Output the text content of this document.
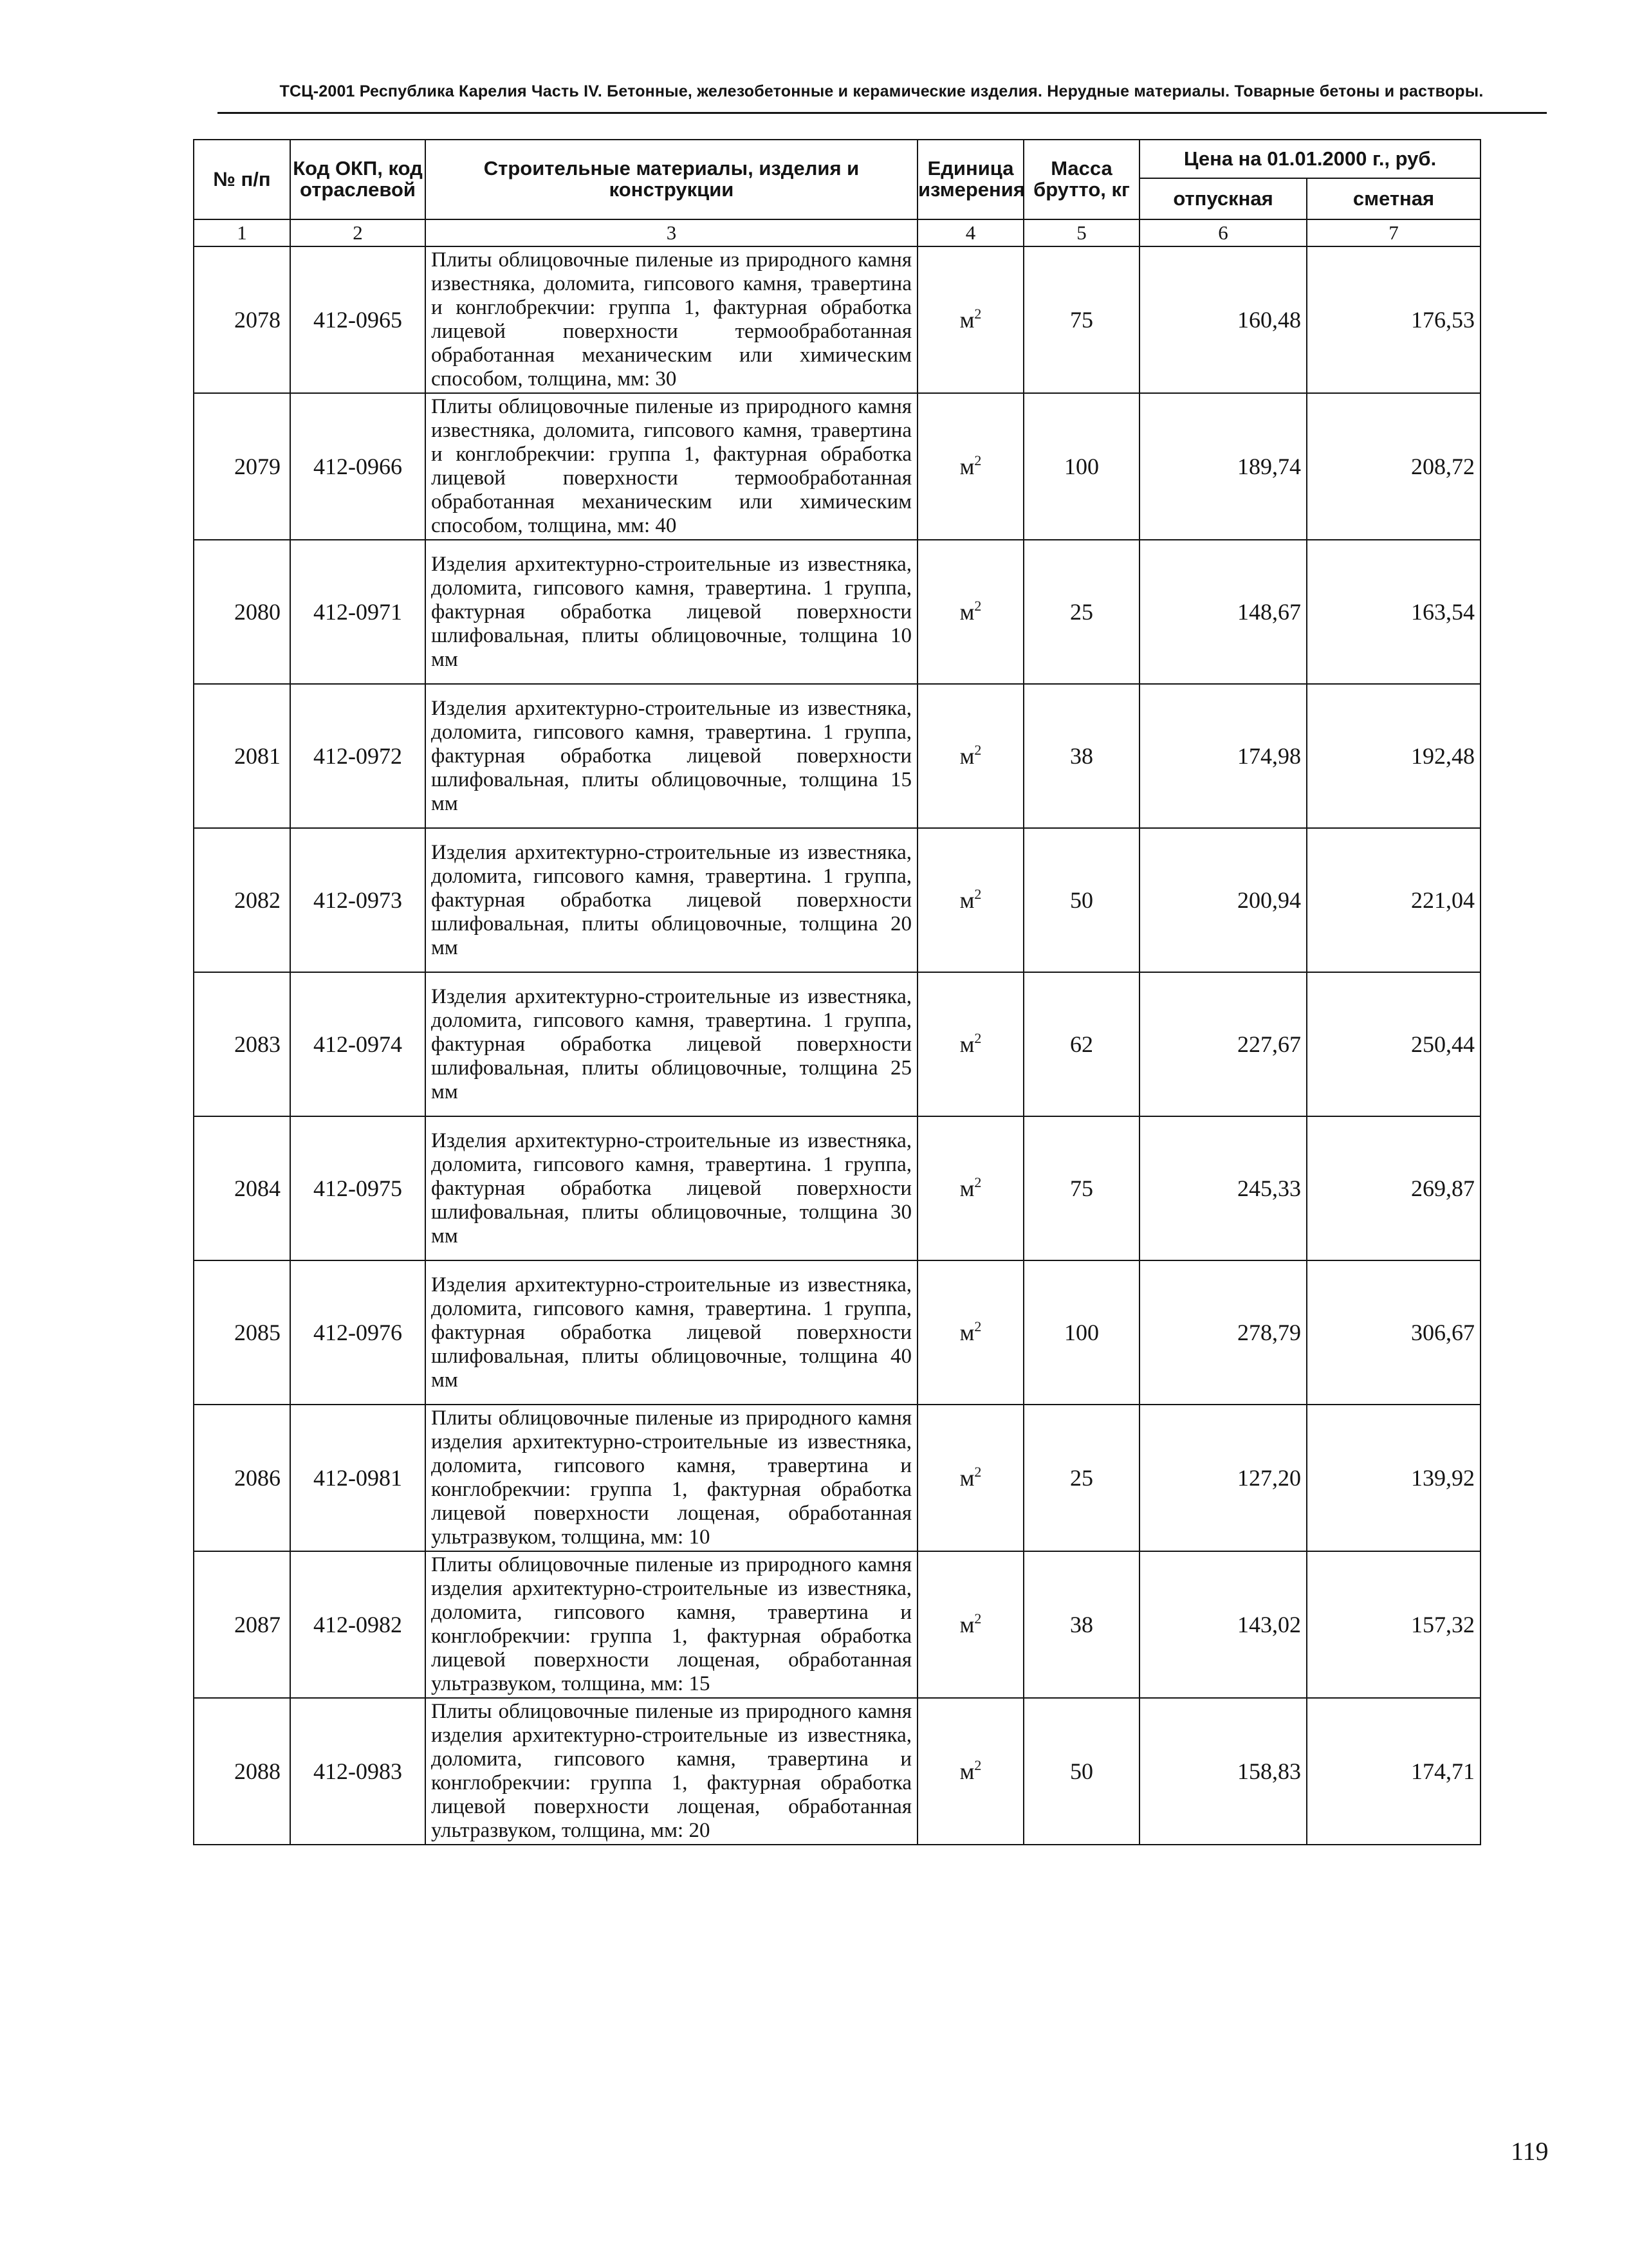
ТСЦ-2001 Республика Карелия Часть IV. Бетонные, железобетонные и керамические изделия. Нерудные материалы. Товарные бетоны и растворы.
№ п/п	Код ОКП, код отраслевой	Строительные материалы, изделия и конструкции	Единица измерения	Масса брутто, кг	Цена на 01.01.2000 г., руб.	
					отпускная	сметная
1	2	3	4	5	6	7
2078	412-0965	Плиты облицовочные пиленые из природного камня известняка, доломита, гипсового камня, травертина и конглобрекчии: группа 1, фактурная обработка лицевой поверхности термообработанная обработанная механическим или химическим способом, толщина, мм: 30	$м^2$	75	160,48	176,53
2079	412-0966	Плиты облицовочные пиленые из природного камня известняка, доломита, гипсового камня, травертина и конглобрекчии: группа 1, фактурная обработка лицевой поверхности термообработанная обработанная механическим или химическим способом, толщина, мм: 40	$м^2$	100	189,74	208,72
2080	412-0971	Изделия архитектурно-строительные из известняка, доломита, гипсового камня, травертина. 1 группа, фактурная обработка лицевой поверхности шлифовальная, плиты облицовочные, толщина 10 мм	$м^2$	25	148,67	163,54
2081	412-0972	Изделия архитектурно-строительные из известняка, доломита, гипсового камня, травертина. 1 группа, фактурная обработка лицевой поверхности шлифовальная, плиты облицовочные, толщина 15 мм	$м^2$	38	174,98	192,48
2082	412-0973	Изделия архитектурно-строительные из известняка, доломита, гипсового камня, травертина. 1 группа, фактурная обработка лицевой поверхности шлифовальная, плиты облицовочные, толщина 20 мм	$м^2$	50	200,94	221,04
2083	412-0974	Изделия архитектурно-строительные из известняка, доломита, гипсового камня, травертина. 1 группа, фактурная обработка лицевой поверхности шлифовальная, плиты облицовочные, толщина 25 мм	$м^2$	62	227,67	250,44
2084	412-0975	Изделия архитектурно-строительные из известняка, доломита, гипсового камня, травертина. 1 группа, фактурная обработка лицевой поверхности шлифовальная, плиты облицовочные, толщина 30 мм	$м^2$	75	245,33	269,87
2085	412-0976	Изделия архитектурно-строительные из известняка, доломита, гипсового камня, травертина. 1 группа, фактурная обработка лицевой поверхности шлифовальная, плиты облицовочные, толщина 40 мм	$м^2$	100	278,79	306,67
2086	412-0981	Плиты облицовочные пиленые из природного камня изделия архитектурно-строительные из известняка, доломита, гипсового камня, травертина и конглобрекчии: группа 1, фактурная обработка лицевой поверхности лощеная, обработанная ультразвуком, толщина, мм: 10	$м^2$	25	127,20	139,92
2087	412-0982	Плиты облицовочные пиленые из природного камня изделия архитектурно-строительные из известняка, доломита, гипсового камня, травертина и конглобрекчии: группа 1, фактурная обработка лицевой поверхности лощеная, обработанная ультразвуком, толщина, мм: 15	$м^2$	38	143,02	157,32
2088	412-0983	Плиты облицовочные пиленые из природного камня изделия архитектурно-строительные из известняка, доломита, гипсового камня, травертина и конглобрекчии: группа 1, фактурная обработка лицевой поверхности лощеная, обработанная ультразвуком, толщина, мм: 20	$м^2$	50	158,83	174,71
119
